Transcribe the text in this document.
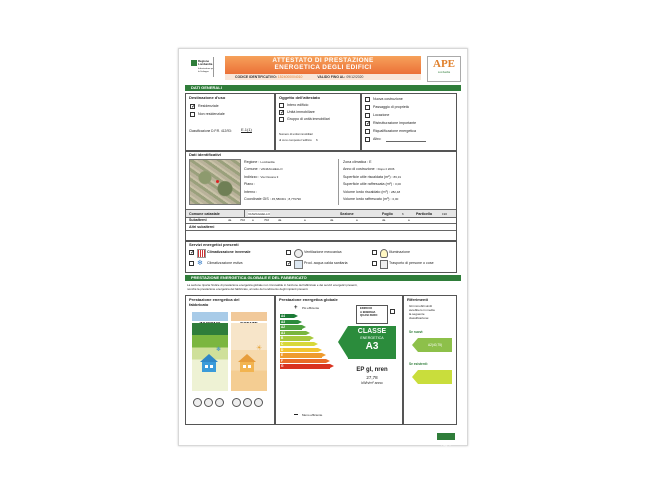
Regione Lombardia
Infrastrutture per lo Sviluppo
ATTESTATO DI PRESTAZIONE
ENERGETICA DEGLI EDIFICI
CODICE IDENTIFICATIVO: 1524000004010	VALIDO FINO AL: 09/12/2020
APE
Lombardia
DATI GENERALI
Destinazione d'uso
✓
Residenziale
Non residenziale
Classificazione D.P.R. 412/93: E.1(1)
Oggetto dell'attestato
Intero edificio
✓
Unità immobiliare
Gruppo di unità immobiliari
Numero di unità immobiliari
di cui è composto l'edificio: 6
Nuova costruzione
Passaggio di proprietà
Locazione
✓
Ristrutturazione importante
Riqualificazione energetica
Altro:
Dati identificativi
Regione : Lombardia
Comune : VANZAGHELLO
Indirizzo : Via Ossona 3
Piano :
Interno :
Coordinate GIS : 45,580301 ; 8,779790
Zona climatica : E
Anno di costruzione : Dopo il 2006
Superficie utile riscaldata (m²) : 86,31
Superficie utile raffrescata (m²) : 0,00
Volume lordo riscaldato (m³) : 282,48
Volume lordo raffrescato (m³) : 0,00
Comune catastale	VANZAGHELLO	Sezione	Foglio	6	Particella	190
Subalterni	da	702 a	702	da	a	da	a	da	a
Altri subalterni
Servizi energetici presenti
✓
Climatizzazione invernale	Ventilazione meccanica	Illuminazione
❄	Climatizzazione estiva
✓	Prod. acqua calda sanitaria	Trasporto di persone o cose
PRESTAZIONE ENERGETICA GLOBALE E DEL FABBRICATO
La sezione riporta l'indice di prestazione energetica globale non rinnovabile in funzione del fabbricato e dei servizi energetici presenti,
nonché la prestazione energetica del fabbricato, al netto del rendimento degli impianti presenti.
Prestazione energetica del
fabbricato
❄	☀
Prestazione energetica globale
+ Più efficiente
A4
A3
A2
A1
B
C
D
E
F
G
Meno efficiente
EDIFICIO
A ENERGIA
QUASI ZERO
CLASSE
ENERGETICA
A3
EP gl, nren
27,78
kWh/m² anno
Riferimenti
Gli immobili simili
avrebbero in media
la seguente
classificazione:
Se nuovi:
A2(40,75)
Se esistenti:
Pag. 1
